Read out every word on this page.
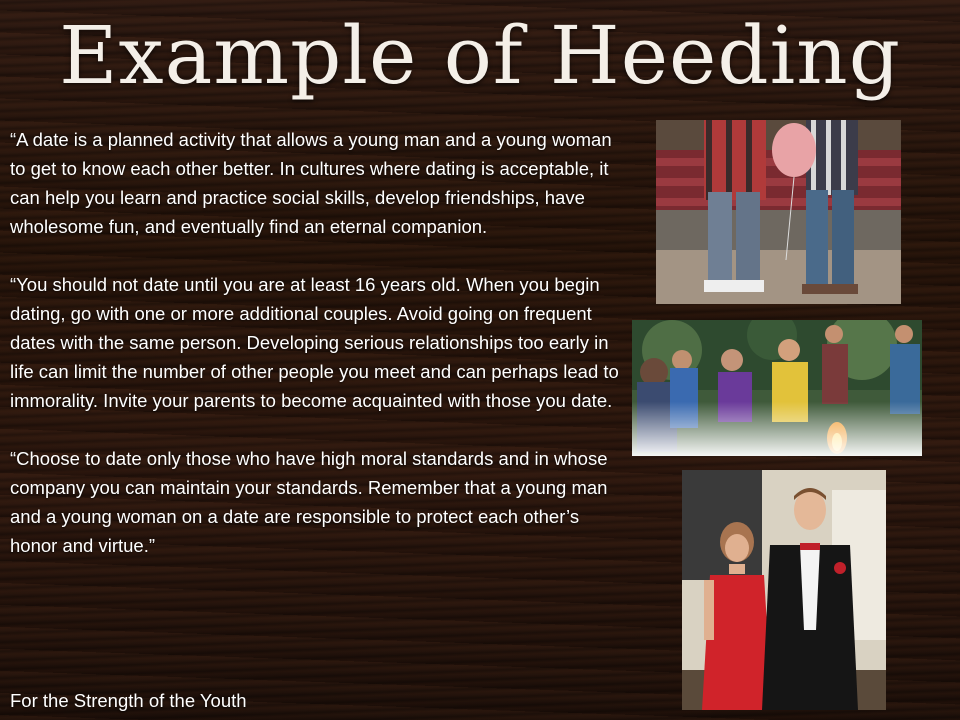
Example of Heeding

“A date is a planned activity that allows a young man and a young woman to get to know each other better. In cultures where dating is acceptable, it can help you learn and practice social skills, develop friendships, have wholesome fun, and eventually find an eternal companion.

“You should not date until you are at least 16 years old. When you begin dating, go with one or more additional couples. Avoid going on frequent dates with the same person. Developing serious relationships too early in life can limit the number of other people you meet and can perhaps lead to immorality. Invite your parents to become acquainted with those you date.

“Choose to date only those who have high moral standards and in whose company you can maintain your standards. Remember that a young man and a young woman on a date are responsible to protect each other’s honor and virtue.”

For the Strength of the Youth
